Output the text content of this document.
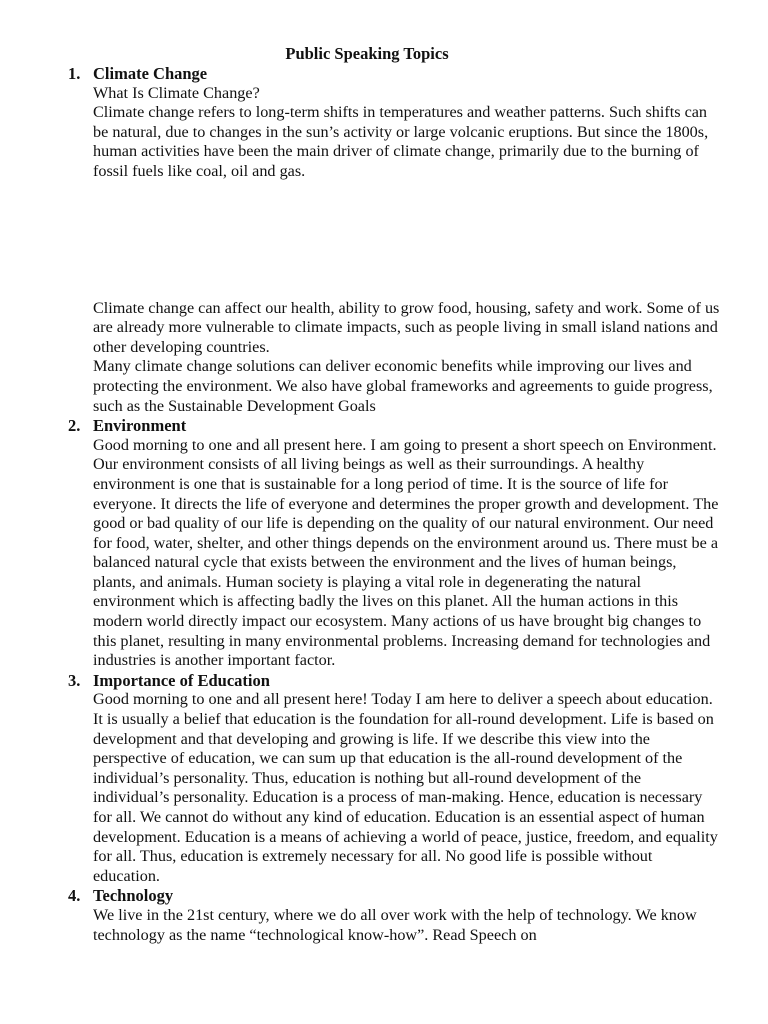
Public Speaking Topics
1. Climate Change

What Is Climate Change?

Climate change refers to long-term shifts in temperatures and weather patterns. Such shifts can be natural, due to changes in the sun’s activity or large volcanic eruptions. But since the 1800s, human activities have been the main driver of climate change, primarily due to the burning of fossil fuels like coal, oil and gas.

Climate change can affect our health, ability to grow food, housing, safety and work. Some of us are already more vulnerable to climate impacts, such as people living in small island nations and other developing countries.

Many climate change solutions can deliver economic benefits while improving our lives and protecting the environment. We also have global frameworks and agreements to guide progress, such as the Sustainable Development Goals

2. Environment

Good morning to one and all present here. I am going to present a short speech on Environment. Our environment consists of all living beings as well as their surroundings. A healthy environment is one that is sustainable for a long period of time. It is the source of life for everyone. It directs the life of everyone and determines the proper growth and development. The good or bad quality of our life is depending on the quality of our natural environment. Our need for food, water, shelter, and other things depends on the environment around us. There must be a balanced natural cycle that exists between the environment and the lives of human beings, plants, and animals. Human society is playing a vital role in degenerating the natural environment which is affecting badly the lives on this planet. All the human actions in this modern world directly impact our ecosystem. Many actions of us have brought big changes to this planet, resulting in many environmental problems. Increasing demand for technologies and industries is another important factor.

3. Importance of Education

Good morning to one and all present here! Today I am here to deliver a speech about education. It is usually a belief that education is the foundation for all-round development. Life is based on development and that developing and growing is life. If we describe this view into the perspective of education, we can sum up that education is the all-round development of the individual’s personality. Thus, education is nothing but all-round development of the individual’s personality. Education is a process of man-making. Hence, education is necessary for all. We cannot do without any kind of education. Education is an essential aspect of human development. Education is a means of achieving a world of peace, justice, freedom, and equality for all. Thus, education is extremely necessary for all. No good life is possible without education.

4. Technology

We live in the 21st century, where we do all over work with the help of technology. We know technology as the name “technological know-how”. Read Speech on
